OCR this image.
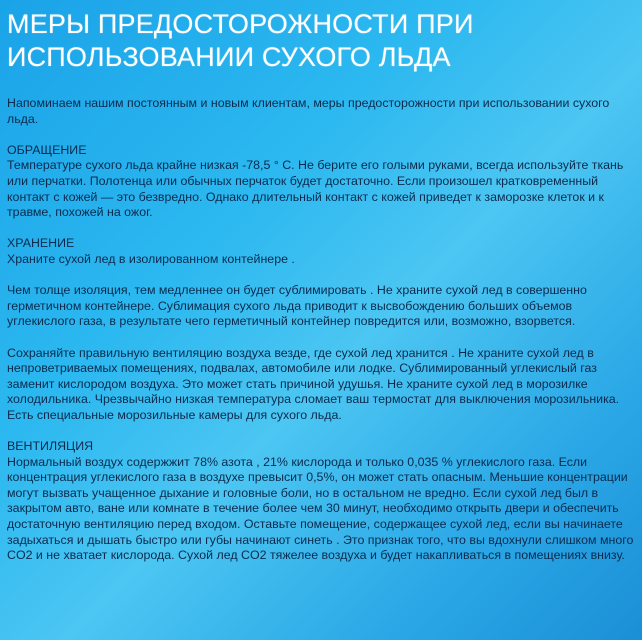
МЕРЫ ПРЕДОСТОРОЖНОСТИ ПРИ
ИСПОЛЬЗОВАНИИ СУХОГО ЛЬДА

Напоминаем нашим постоянным и новым клиентам, меры предосторожности при использовании сухого льда.

ОБРАЩЕНИЕ

Температуре сухого льда крайне низкая -78,5 ° C. Не берите его голыми руками, всегда используйте ткань или перчатки. Полотенца или обычных перчаток будет достаточно. Если произошел кратковременный контакт с кожей — это безвредно. Однако длительный контакт с кожей приведет к заморозке клеток и к травме, похожей на ожог.

ХРАНЕНИЕ

Храните сухой лед в изолированном контейнере .

Чем толще изоляция, тем медленнее он будет сублимировать . Не храните сухой лед в совершенно герметичном контейнере. Сублимация сухого льда приводит к высвобождению больших объемов углекислого газа, в результате чего герметичный контейнер повредится или, возможно, взорвется.

Сохраняйте правильную вентиляцию воздуха везде, где сухой лед хранится . Не храните сухой лед в непроветриваемых помещениях, подвалах, автомобиле или лодке. Сублимированный углекислый газ заменит кислородом воздуха. Это может стать причиной удушья. Не храните сухой лед в морозилке холодильника. Чрезвычайно низкая температура сломает ваш термостат для выключения морозильника. Есть специальные морозильные камеры для сухого льда.

ВЕНТИЛЯЦИЯ

Нормальный воздух содержжит 78% азота , 21% кислорода и только 0,035 % углекислого газа. Если концентрация углекислого газа в воздухе превысит 0,5%, он может стать опасным. Меньшие концентрации могут вызвать учащенное дыхание и головные боли, но в остальном не вредно. Если сухой лед был в закрытом авто, ване или комнате в течение более чем 30 минут, необходимо открыть двери и обеспечить достаточную вентиляцию перед входом. Оставьте помещение, содержащее сухой лед, если вы начинаете задыхаться и дышать быстро или губы начинают синеть . Это признак того, что вы вдохнули слишком много CO2 и не хватает кислорода. Сухой лед CO2 тяжелее воздуха и будет накапливаться в помещениях внизу.
